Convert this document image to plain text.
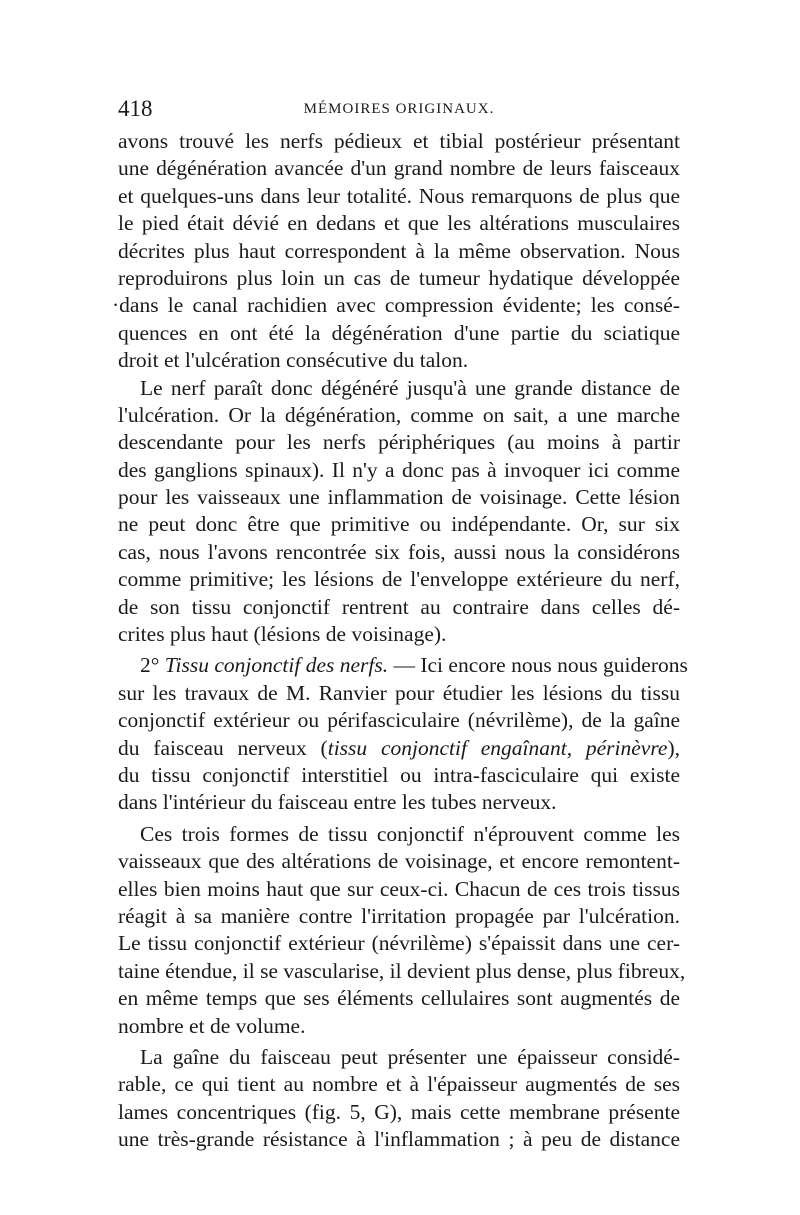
418	MÉMOIRES ORIGINAUX.
avons trouvé les nerfs pédieux et tibial postérieur présentant
une dégénération avancée d'un grand nombre de leurs faisceaux
et quelques-uns dans leur totalité. Nous remarquons de plus que
le pied était dévié en dedans et que les altérations musculaires
décrites plus haut correspondent à la même observation. Nous
reproduirons plus loin un cas de tumeur hydatique développée
·dans le canal rachidien avec compression évidente; les consé-
quences en ont été la dégénération d'une partie du sciatique
droit et l'ulcération consécutive du talon.
Le nerf paraît donc dégénéré jusqu'à une grande distance de
l'ulcération. Or la dégénération, comme on sait, a une marche
descendante pour les nerfs périphériques (au moins à partir
des ganglions spinaux). Il n'y a donc pas à invoquer ici comme
pour les vaisseaux une inflammation de voisinage. Cette lésion
ne peut donc être que primitive ou indépendante. Or, sur six
cas, nous l'avons rencontrée six fois, aussi nous la considérons
comme primitive; les lésions de l'enveloppe extérieure du nerf,
de son tissu conjonctif rentrent au contraire dans celles dé-
crites plus haut (lésions de voisinage).
2° Tissu conjonctif des nerfs. — Ici encore nous nous guiderons
sur les travaux de M. Ranvier pour étudier les lésions du tissu
conjonctif extérieur ou périfasciculaire (névrilème), de la gaîne
du faisceau nerveux (tissu conjonctif engaînant, périnèvre),
du tissu conjonctif interstitiel ou intra-fasciculaire qui existe
dans l'intérieur du faisceau entre les tubes nerveux.
Ces trois formes de tissu conjonctif n'éprouvent comme les
vaisseaux que des altérations de voisinage, et encore remontent-
elles bien moins haut que sur ceux-ci. Chacun de ces trois tissus
réagit à sa manière contre l'irritation propagée par l'ulcération.
Le tissu conjonctif extérieur (névrilème) s'épaissit dans une cer-
taine étendue, il se vascularise, il devient plus dense, plus fibreux,
en même temps que ses éléments cellulaires sont augmentés de
nombre et de volume.
La gaîne du faisceau peut présenter une épaisseur considé-
rable, ce qui tient au nombre et à l'épaisseur augmentés de ses
lames concentriques (fig. 5, G), mais cette membrane présente
une très-grande résistance à l'inflammation ; à peu de distance
